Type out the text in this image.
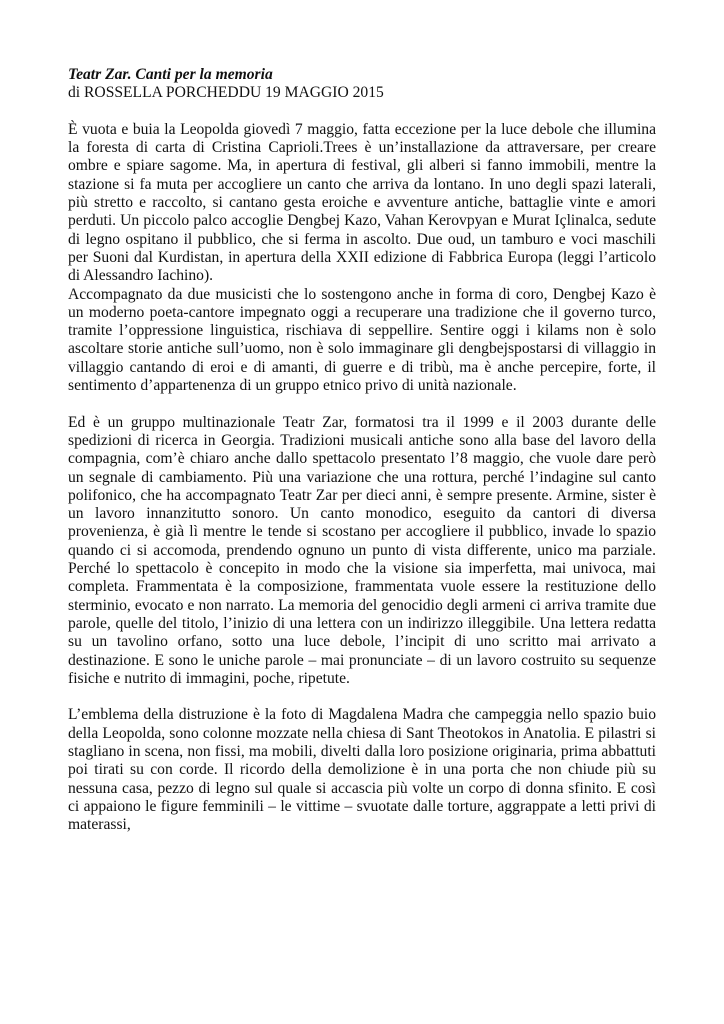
Teatr Zar. Canti per la memoria

di ROSSELLA PORCHEDDU 19 MAGGIO 2015

È vuota e buia la Leopolda giovedì 7 maggio, fatta eccezione per la luce debole che illumina la foresta di carta di Cristina Caprioli.Trees è un’installazione da attraversare, per creare ombre e spiare sagome. Ma, in apertura di festival, gli alberi si fanno immobili, mentre la stazione si fa muta per accogliere un canto che arriva da lontano. In uno degli spazi laterali, più stretto e raccolto, si cantano gesta eroiche e avventure antiche, battaglie vinte e amori perduti. Un piccolo palco accoglie Dengbej Kazo, Vahan Kerovpyan e Murat Içlinalca, sedute di legno ospitano il pubblico, che si ferma in ascolto. Due oud, un tamburo e voci maschili per Suoni dal Kurdistan, in apertura della XXII edizione di Fabbrica Europa (leggi l’articolo di Alessandro Iachino).

Accompagnato da due musicisti che lo sostengono anche in forma di coro, Dengbej Kazo è un moderno poeta-cantore impegnato oggi a recuperare una tradizione che il governo turco, tramite l’oppressione linguistica, rischiava di seppellire. Sentire oggi i kilams non è solo ascoltare storie antiche sull’uomo, non è solo immaginare gli dengbejspostarsi di villaggio in villaggio cantando di eroi e di amanti, di guerre e di tribù, ma è anche percepire, forte, il sentimento d’appartenenza di un gruppo etnico privo di unità nazionale.

Ed è un gruppo multinazionale Teatr Zar, formatosi tra il 1999 e il 2003 durante delle spedizioni di ricerca in Georgia. Tradizioni musicali antiche sono alla base del lavoro della compagnia, com’è chiaro anche dallo spettacolo presentato l’8 maggio, che vuole dare però un segnale di cambiamento. Più una variazione che una rottura, perché l’indagine sul canto polifonico, che ha accompagnato Teatr Zar per dieci anni, è sempre presente. Armine, sister è un lavoro innanzitutto sonoro. Un canto monodico, eseguito da cantori di diversa provenienza, è già lì mentre le tende si scostano per accogliere il pubblico, invade lo spazio quando ci si accomoda, prendendo ognuno un punto di vista differente, unico ma parziale. Perché lo spettacolo è concepito in modo che la visione sia imperfetta, mai univoca, mai completa. Frammentata è la composizione, frammentata vuole essere la restituzione dello sterminio, evocato e non narrato. La memoria del genocidio degli armeni ci arriva tramite due parole, quelle del titolo, l’inizio di una lettera con un indirizzo illeggibile. Una lettera redatta su un tavolino orfano, sotto una luce debole, l’incipit di uno scritto mai arrivato a destinazione. E sono le uniche parole – mai pronunciate – di un lavoro costruito su sequenze fisiche e nutrito di immagini, poche, ripetute.

L’emblema della distruzione è la foto di Magdalena Madra che campeggia nello spazio buio della Leopolda, sono colonne mozzate nella chiesa di Sant Theotokos in Anatolia. E pilastri si stagliano in scena, non fissi, ma mobili, divelti dalla loro posizione originaria, prima abbattuti poi tirati su con corde. Il ricordo della demolizione è in una porta che non chiude più su nessuna casa, pezzo di legno sul quale si accascia più volte un corpo di donna sfinito. E così ci appaiono le figure femminili – le vittime – svuotate dalle torture, aggrappate a letti privi di materassi,
